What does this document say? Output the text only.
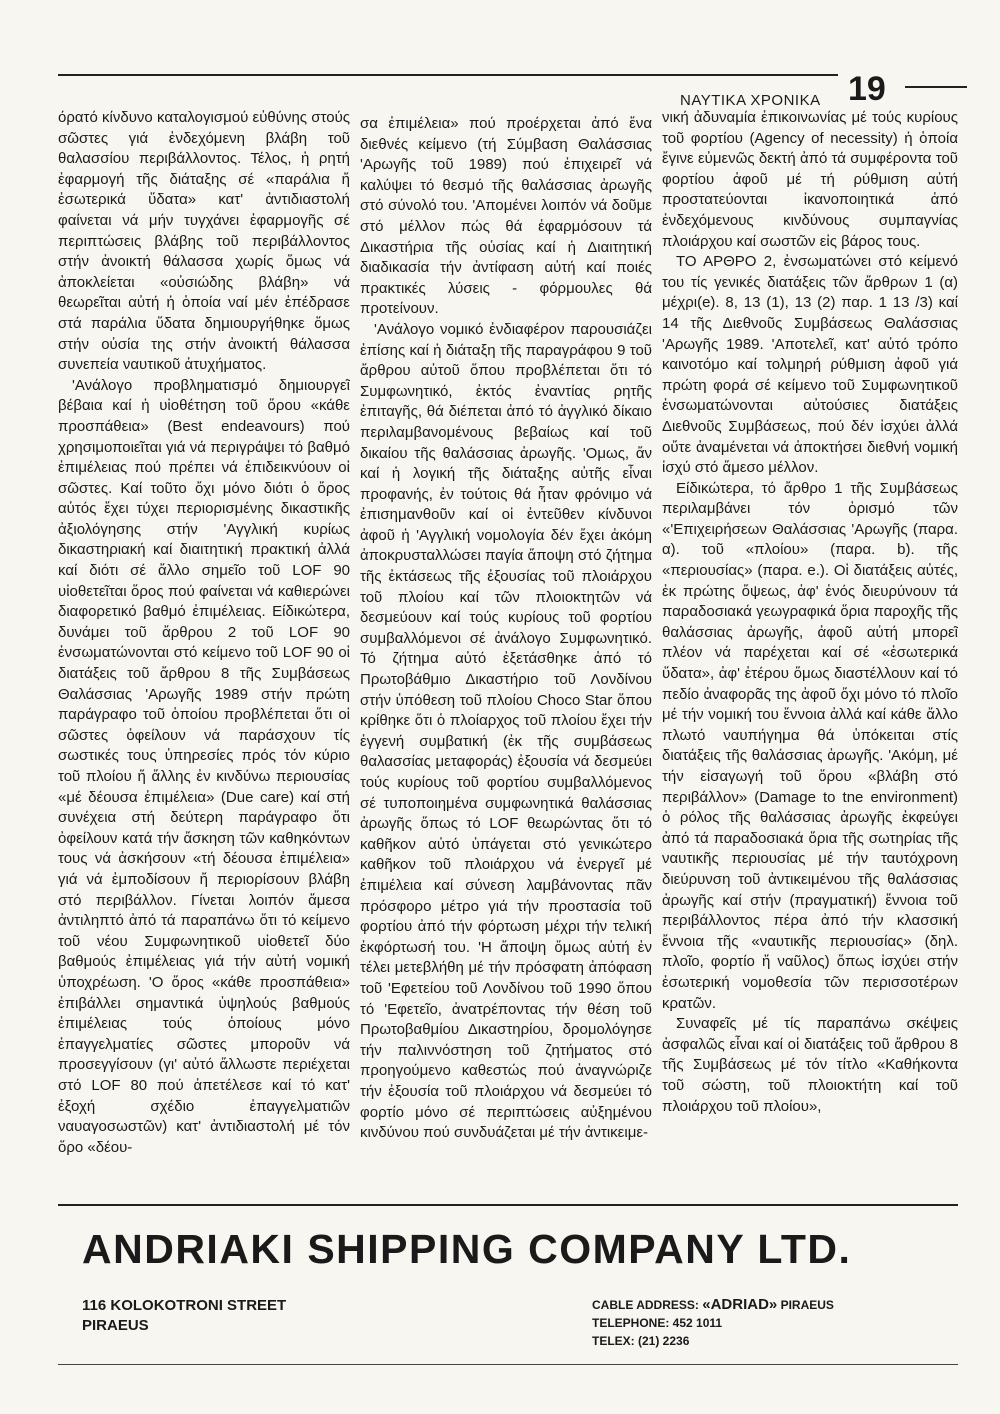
ΝΑΥΤΙΚΑ ΧΡΟΝΙΚΑ 19

όρατό κίνδυνο καταλογισμού εὐθύνης στούς σῶστες γιά ἐνδεχόμενη βλάβη τοῦ θαλασσίου περιβάλλοντος. Τέλος, ἡ ρητή ἐφαρμογή τῆς διάταξης σέ «παράλια ἤ ἐσωτερικά ὕδατα» κατ' ἀντιδιαστολή φαίνεται νά μήν τυγχάνει ἐφαρμογῆς σέ περιπτώσεις βλάβης τοῦ περιβάλλοντος στήν ἀνοικτή θάλασσα χωρίς ὅμως νά ἀποκλείεται «οὐσιώδης βλάβη» νά θεωρεῖται αὐτή ἡ ὁποία ναί μέν ἐπέδρασε στά παράλια ὕδατα δημιουργήθηκε ὅμως στήν οὐσία της στήν ἀνοικτή θάλασσα συνεπεία ναυτικοῦ ἀτυχήματος.

'Ανάλογο προβληματισμό δημιουργεῖ βέβαια καί ἡ υἱοθέτηση τοῦ ὅρου «κάθε προσπάθεια» (Best endeavours) πού χρησιμοποιεῖται γιά νά περιγράψει τό βαθμό ἐπιμέλειας πού πρέπει νά ἐπιδεικνύουν οἱ σῶστες. Καί τοῦτο ὄχι μόνο διότι ὁ ὅρος αὐτός ἔχει τύχει περιορισμένης δικαστικῆς ἀξιολόγησης στήν 'Αγγλική κυρίως δικαστηριακή καί διαιτητική πρακτική ἀλλά καί διότι σέ ἄλλο σημεῖο τοῦ LOF 90 υἱοθετεῖται ὅρος πού φαίνεται νά καθιερώνει διαφορετικό βαθμό ἐπιμέλειας. Είδικώτερα, δυνάμει τοῦ ἄρθρου 2 τοῦ LOF 90 ἐνσωματώνονται στό κείμενο τοῦ LOF 90 οἱ διατάξεις τοῦ ἄρθρου 8 τῆς Συμβάσεως Θαλάσσιας 'Αρωγῆς 1989 στήν πρώτη παράγραφο τοῦ ὁποίου προβλέπεται ὅτι οἱ σῶστες ὀφείλουν νά παράσχουν τίς σωστικές τους ὑπηρεσίες πρός τόν κύριο τοῦ πλοίου ἤ ἄλλης ἐν κινδύνω περιουσίας «μέ δέουσα ἐπιμέλεια» (Due care) καί στή συνέχεια στή δεύτερη παράγραφο ὅτι ὀφείλουν κατά τήν ἄσκηση τῶν καθηκόντων τους νά ἀσκήσουν «τή δέουσα ἐπιμέλεια» γιά νά ἐμποδίσουν ἤ περιορίσουν βλάβη στό περιβάλλον. Γίνεται λοιπόν ἄμεσα ἀντιληπτό ἀπό τά παραπάνω ὅτι τό κείμενο τοῦ νέου Συμφωνητικοῦ υἱοθετεῖ δύο βαθμούς ἐπιμέλειας γιά τήν αὐτή νομική ὑποχρέωση. 'Ο ὅρος «κάθε προσπάθεια» ἐπιβάλλει σημαντικά ὑψηλούς βαθμούς ἐπιμέλειας τούς ὁποίους μόνο ἐπαγγελματίες σῶστες μποροῦν νά προσεγγίσουν (γι' αὐτό ἄλλωστε περιέχεται στό LOF 80 πού ἀπετέλεσε καί τό κατ' ἐξοχή σχέδιο ἐπαγγελματιῶν ναυαγοσωστῶν) κατ' ἀντιδιαστολή μέ τόν ὅρο «δέου-

σα ἐπιμέλεια» πού προέρχεται ἀπό ἔνα διεθνές κείμενο (τή Σύμβαση Θαλάσσιας 'Αρωγῆς τοῦ 1989) πού ἐπιχειρεῖ νά καλύψει τό θεσμό τῆς θαλάσσιας ἀρωγῆς στό σύνολό του. 'Απομένει λοιπόν νά δοῦμε στό μέλλον πώς θά ἐφαρμόσουν τά Δικαστήρια τῆς οὐσίας καί ἡ Διαιτητική διαδικασία τήν ἀντίφαση αὐτή καί ποιές πρακτικές λύσεις - φόρμουλες θά προτείνουν.

'Ανάλογο νομικό ἐνδιαφέρον παρουσιάζει ἐπίσης καί ἡ διάταξη τῆς παραγράφου 9 τοῦ ἄρθρου αὐτοῦ ὅπου προβλέπεται ὅτι τό Συμφωνητικό, ἐκτός ἐναντίας ρητῆς ἐπιταγῆς, θά διέπεται ἀπό τό ἀγγλικό δίκαιο περιλαμβανομένους βεβαίως καί τοῦ δικαίου τῆς θαλάσσιας ἀρωγῆς. 'Ομως, ἄν καί ἡ λογική τῆς διάταξης αὐτῆς εἶναι προφανής, ἐν τούτοις θά ἦταν φρόνιμο νά ἐπισημανθοῦν καί οἱ ἐντεῦθεν κίνδυνοι ἀφοῦ ἡ 'Αγγλική νομολογία δέν ἔχει ἀκόμη ἀποκρυσταλλώσει παγία ἄποψη στό ζήτημα τῆς ἐκτάσεως τῆς ἐξουσίας τοῦ πλοιάρχου τοῦ πλοίου καί τῶν πλοιοκτητῶν νά δεσμεύουν καί τούς κυρίους τοῦ φορτίου συμβαλλόμενοι σέ ἀνάλογο Συμφωνητικό. Τό ζήτημα αὐτό ἐξετάσθηκε ἀπό τό Πρωτοβάθμιο Δικαστήριο τοῦ Λονδίνου στήν ὑπόθεση τοῦ πλοίου Choco Star ὅπου κρίθηκε ὅτι ὁ πλοίαρχος τοῦ πλοίου ἔχει τήν ἐγγενή συμβατική (ἐκ τῆς συμβάσεως θαλασσίας μεταφοράς) ἐξουσία νά δεσμεύει τούς κυρίους τοῦ φορτίου συμβαλλόμενος σέ τυποποιημένα συμφωνητικά θαλάσσιας ἀρωγῆς ὅπως τό LOF θεωρώντας ὅτι τό καθῆκον αὐτό ὑπάγεται στό γενικώτερο καθῆκον τοῦ πλοιάρχου νά ἐνεργεῖ μέ ἐπιμέλεια καί σύνεση λαμβάνοντας πᾶν πρόσφορο μέτρο γιά τήν προστασία τοῦ φορτίου ἀπό τήν φόρτωση μέχρι τήν τελική ἐκφόρτωσή του. 'Η ἄποψη ὅμως αὐτή ἐν τέλει μετεβλήθη μέ τήν πρόσφατη ἀπόφαση τοῦ 'Εφετείου τοῦ Λονδίνου τοῦ 1990 ὅπου τό 'Εφετεῖο, ἀνατρέποντας τήν θέση τοῦ Πρωτοβαθμίου Δικαστηρίου, δρομολόγησε τήν παλιννόστηση τοῦ ζητήματος στό προηγούμενο καθεστώς πού ἀναγνώριζε τήν ἐξουσία τοῦ πλοιάρχου νά δεσμεύει τό φορτίο μόνο σέ περιπτώσεις αὐξημένου κινδύνου πού συνδυάζεται μέ τήν ἀντικειμε-

νική ἀδυναμία ἐπικοινωνίας μέ τούς κυρίους τοῦ φορτίου (Agency of necessity) ἡ ὁποία ἔγινε εὐμενῶς δεκτή ἀπό τά συμφέροντα τοῦ φορτίου ἀφοῦ μέ τή ρύθμιση αὐτή προστατεύονται ἱκανοποιητικά ἀπό ἐνδεχόμενους κινδύνους συμπαγνίας πλοιάρχου καί σωστῶν εἰς βάρος τους.

ΤΟ ΑΡΘΡΟ 2, ἐνσωματώνει στό κείμενό του τίς γενικές διατάξεις τῶν ἄρθρων 1 (α) μέχρι(e). 8, 13 (1), 13 (2) παρ. 1 13 /3) καί 14 τῆς Διεθνοῦς Συμβάσεως Θαλάσσιας 'Αρωγῆς 1989. 'Αποτελεῖ, κατ' αὐτό τρόπο καινοτόμο καί τολμηρή ρύθμιση ἀφοῦ γιά πρώτη φορά σέ κείμενο τοῦ Συμφωνητικοῦ ἐνσωματώνονται αὐτούσιες διατάξεις Διεθνοῦς Συμβάσεως, πού δέν ἰσχύει ἀλλά οὔτε ἀναμένεται νά ἀποκτήσει διεθνή νομική ἰσχύ στό ἄμεσο μέλλον.

Είδικώτερα, τό ἄρθρο 1 τῆς Συμβάσεως περιλαμβάνει τόν ὁρισμό τῶν «'Επιχειρήσεων Θαλάσσιας 'Αρωγῆς (παρα. α). τοῦ «πλοίου» (παρα. b). τῆς «περιουσίας» (παρα. e.). Οἱ διατάξεις αὐτές, ἐκ πρώτης ὄψεως, ἀφ' ἑνός διευρύνουν τά παραδοσιακά γεωγραφικά ὅρια παροχῆς τῆς θαλάσσιας ἀρωγῆς, ἀφοῦ αὐτή μπορεῖ πλέον νά παρέχεται καί σέ «ἐσωτερικά ὕδατα», ἀφ' ἑτέρου ὅμως διαστέλλουν καί τό πεδίο ἀναφορᾶς της ἀφοῦ ὄχι μόνο τό πλοῖο μέ τήν νομική του ἔννοια ἀλλά καί κάθε ἄλλο πλωτό ναυπήγημα θά ὑπόκειται στίς διατάξεις τῆς θαλάσσιας ἀρωγῆς. 'Ακόμη, μέ τήν εἰσαγωγή τοῦ ὅρου «βλάβη στό περιβάλλον» (Damage to tne environment) ὁ ρόλος τῆς θαλάσσιας ἀρωγῆς ἐκφεύγει ἀπό τά παραδοσιακά ὅρια τῆς σωτηρίας τῆς ναυτικῆς περιουσίας μέ τήν ταυτόχρονη διεύρυνση τοῦ ἀντικειμένου τῆς θαλάσσιας ἀρωγῆς καί στήν (πραγματική) ἔννοια τοῦ περιβάλλοντος πέρα ἀπό τήν κλασσική ἔννοια τῆς «ναυτικῆς περιουσίας» (δηλ. πλοῖο, φορτίο ἤ ναῦλος) ὅπως ἰσχύει στήν ἐσωτερική νομοθεσία τῶν περισσοτέρων κρατῶν.

Συναφεῖς μέ τίς παραπάνω σκέψεις ἀσφαλῶς εἶναι καί οἱ διατάξεις τοῦ ἄρθρου 8 τῆς Συμβάσεως μέ τόν τίτλο «Καθήκοντα τοῦ σώστη, τοῦ πλοιοκτήτη καί τοῦ πλοιάρχου τοῦ πλοίου»,

ANDRIAKI SHIPPING COMPANY LTD.
116 KOLOKOTRONI STREET
PIRAEUS
CABLE ADDRESS: «ADRIAD» PIRAEUS
TELEPHONE: 452 1011
TELEX: (21) 2236
